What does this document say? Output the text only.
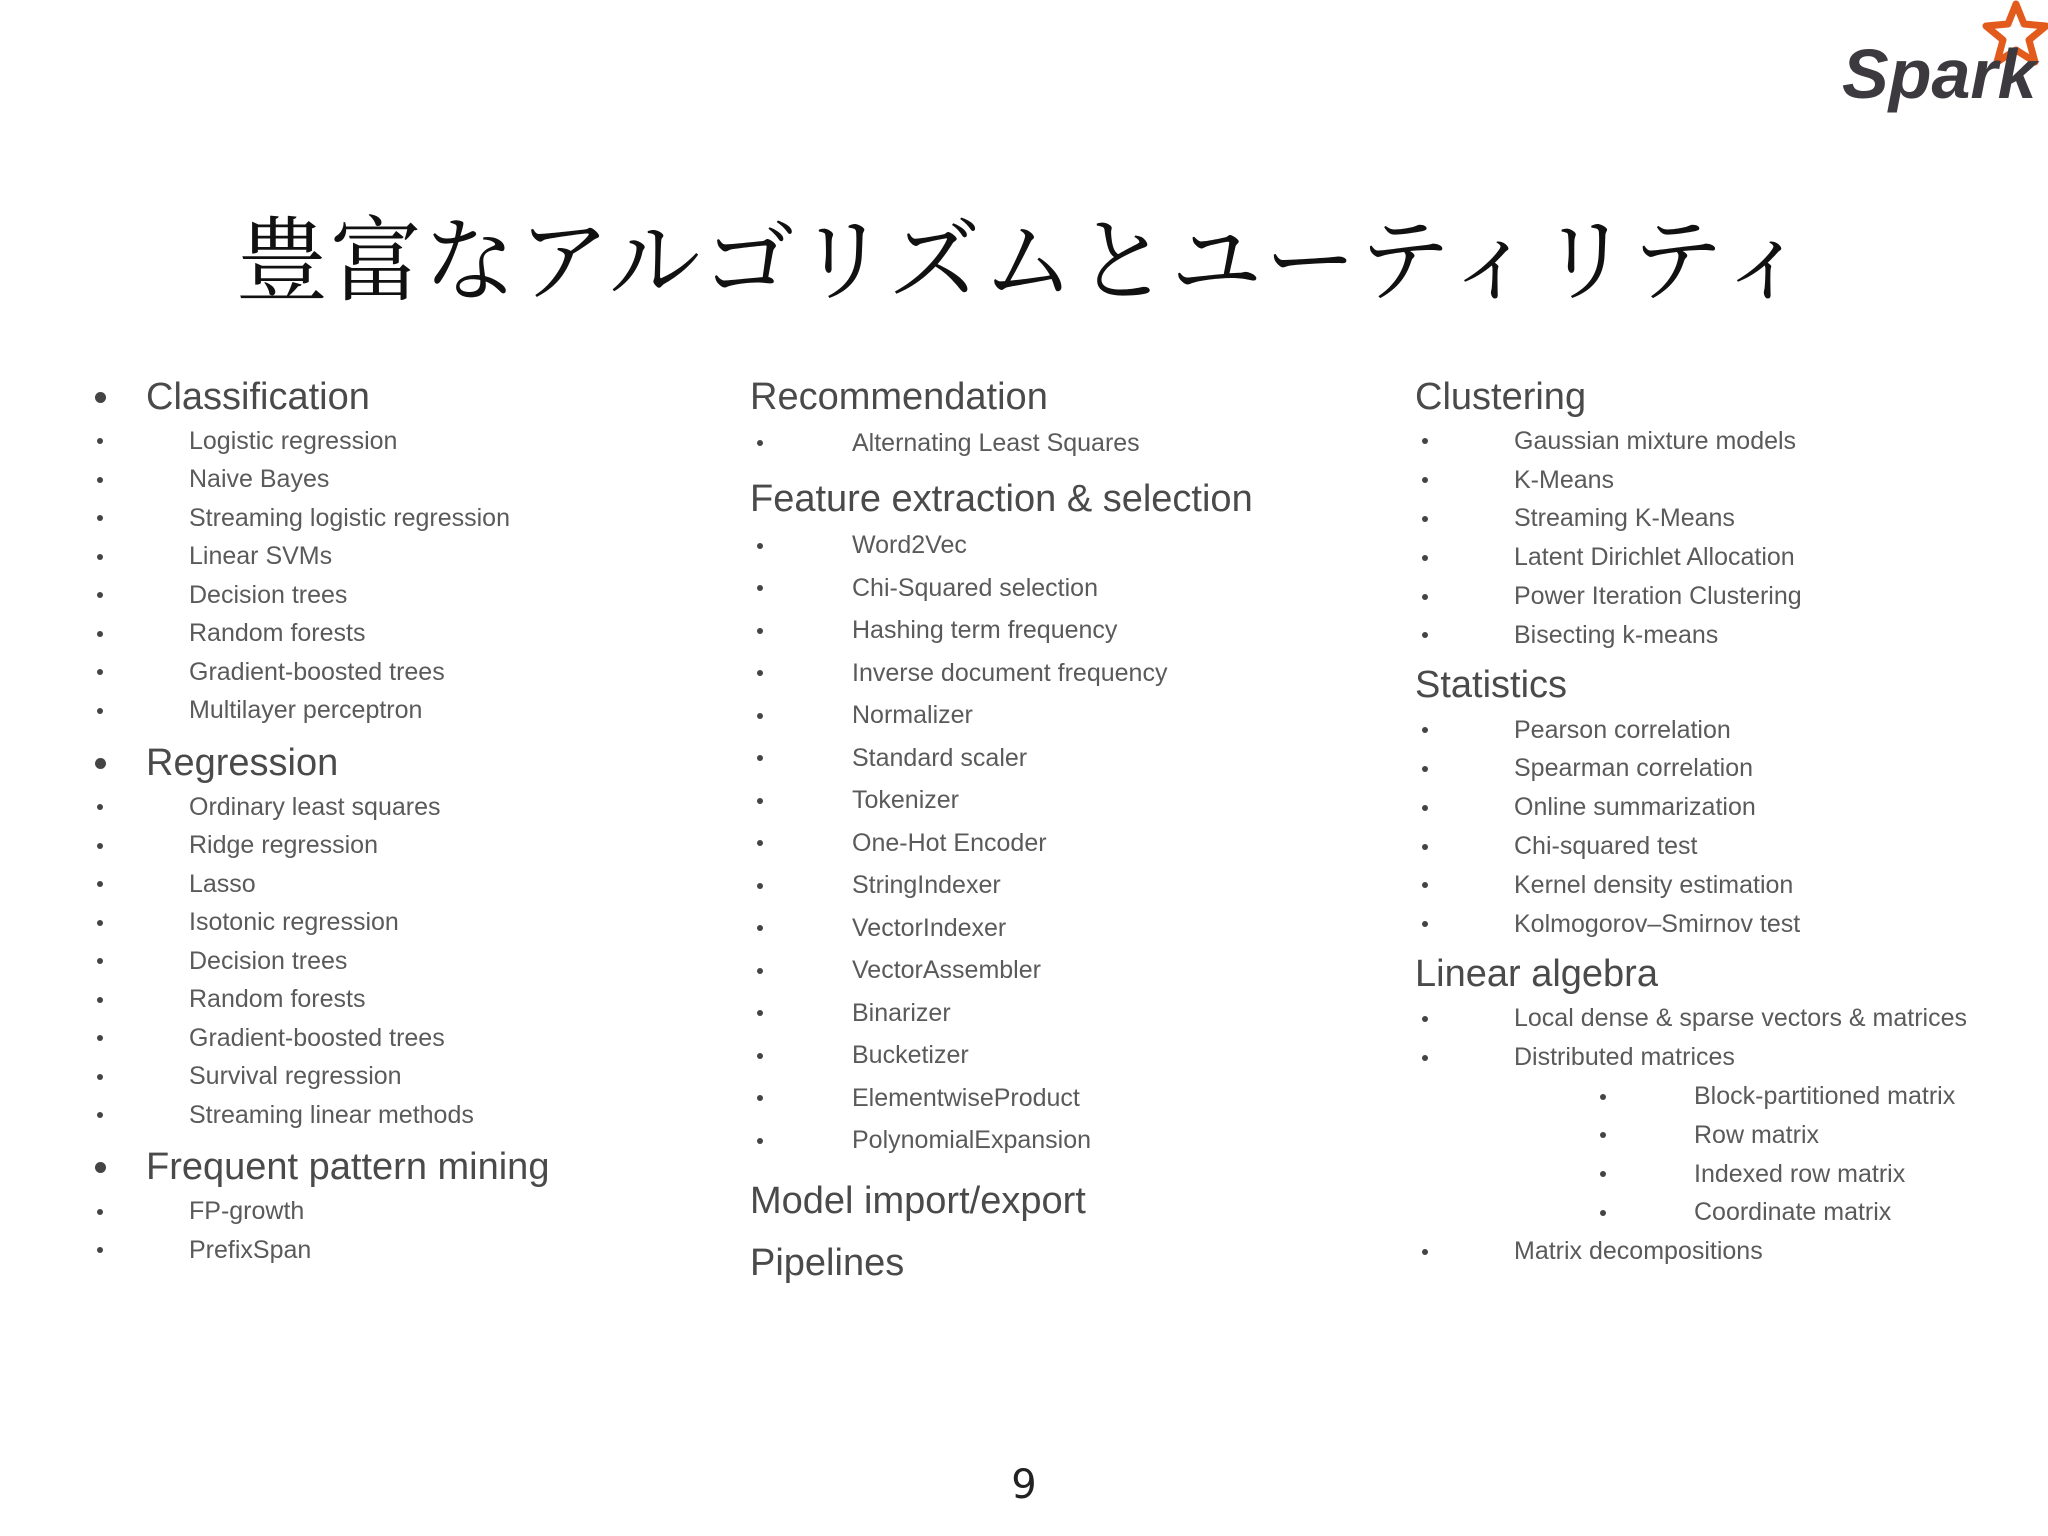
Spark
豊富なアルゴリズムとユーティリティ
Classification
Logistic regression
Naive Bayes
Streaming logistic regression
Linear SVMs
Decision trees
Random forests
Gradient-boosted trees
Multilayer perceptron
Regression
Ordinary least squares
Ridge regression
Lasso
Isotonic regression
Decision trees
Random forests
Gradient-boosted trees
Survival regression
Streaming linear methods
Frequent pattern mining
FP-growth
PrefixSpan
Recommendation
Alternating Least Squares
Feature extraction & selection
Word2Vec
Chi-Squared selection
Hashing term frequency
Inverse document frequency
Normalizer
Standard scaler
Tokenizer
One-Hot Encoder
StringIndexer
VectorIndexer
VectorAssembler
Binarizer
Bucketizer
ElementwiseProduct
PolynomialExpansion
Model import/export
Pipelines
Clustering
Gaussian mixture models
K-Means
Streaming K-Means
Latent Dirichlet Allocation
Power Iteration Clustering
Bisecting k-means
Statistics
Pearson correlation
Spearman correlation
Online summarization
Chi-squared test
Kernel density estimation
Kolmogorov–Smirnov test
Linear algebra
Local dense & sparse vectors & matrices
Distributed matrices
Block-partitioned matrix
Row matrix
Indexed row matrix
Coordinate matrix
Matrix decompositions
9
